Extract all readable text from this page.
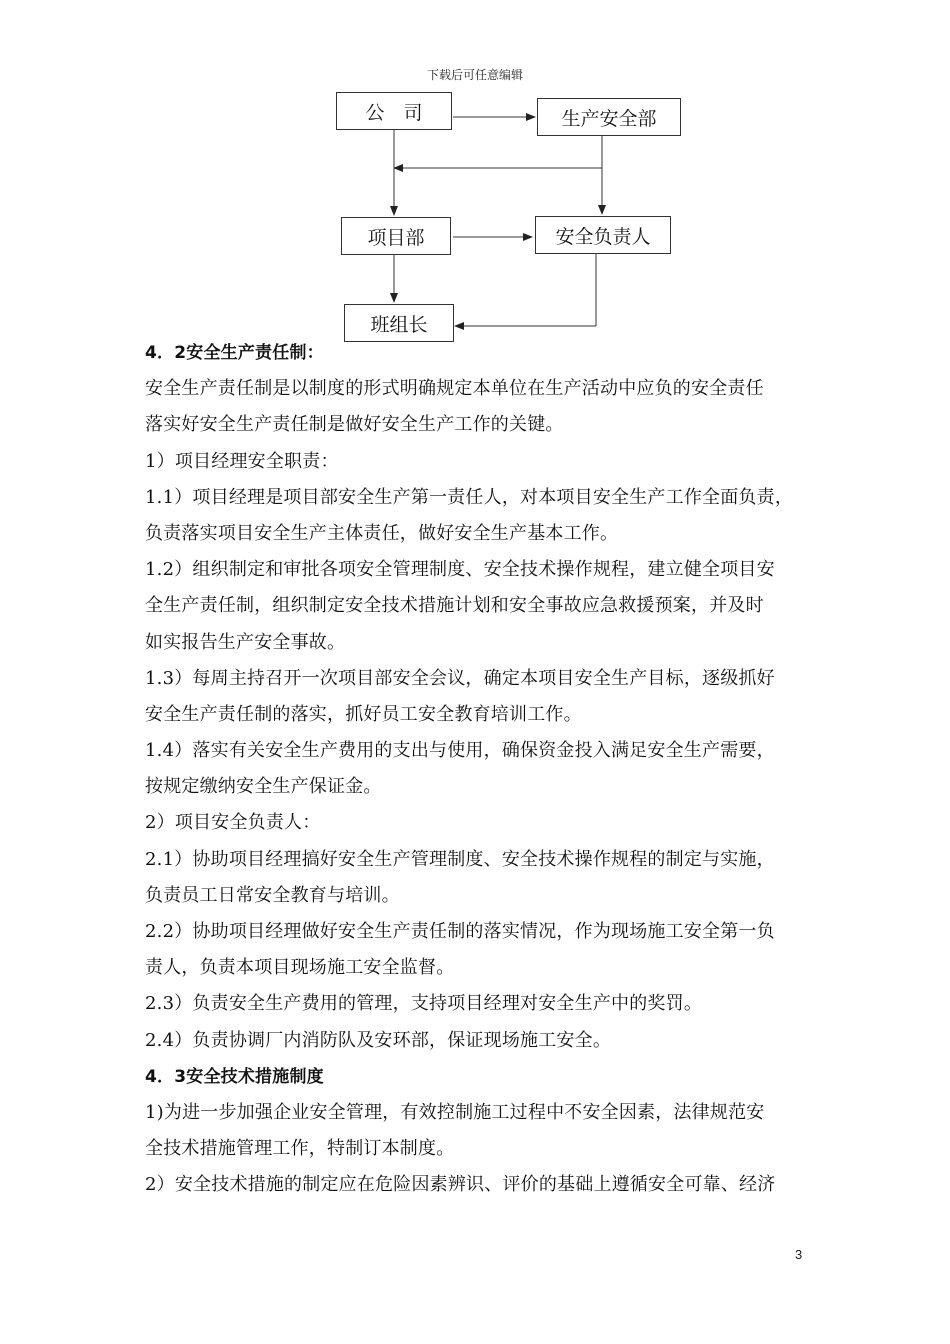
下载后可任意编辑
公　司	生产安全部
项目部	安全负责人
班组长
4．2安全生产责任制：
安全生产责任制是以制度的形式明确规定本单位在生产活动中应负的安全责任
落实好安全生产责任制是做好安全生产工作的关键。
1）项目经理安全职责：
1.1）项目经理是项目部安全生产第一责任人，对本项目安全生产工作全面负责，
负责落实项目安全生产主体责任，做好安全生产基本工作。
1.2）组织制定和审批各项安全管理制度、安全技术操作规程，建立健全项目安
全生产责任制，组织制定安全技术措施计划和安全事故应急救援预案，并及时
如实报告生产安全事故。
1.3）每周主持召开一次项目部安全会议，确定本项目安全生产目标，逐级抓好
安全生产责任制的落实，抓好员工安全教育培训工作。
1.4）落实有关安全生产费用的支出与使用，确保资金投入满足安全生产需要，
按规定缴纳安全生产保证金。
2）项目安全负责人：
2.1）协助项目经理搞好安全生产管理制度、安全技术操作规程的制定与实施，
负责员工日常安全教育与培训。
2.2）协助项目经理做好安全生产责任制的落实情况，作为现场施工安全第一负
责人，负责本项目现场施工安全监督。
2.3）负责安全生产费用的管理，支持项目经理对安全生产中的奖罚。
2.4）负责协调厂内消防队及安环部，保证现场施工安全。
4．3安全技术措施制度
1)为进一步加强企业安全管理，有效控制施工过程中不安全因素，法律规范安
全技术措施管理工作，特制订本制度。
2）安全技术措施的制定应在危险因素辨识、评价的基础上遵循安全可靠、经济
3
